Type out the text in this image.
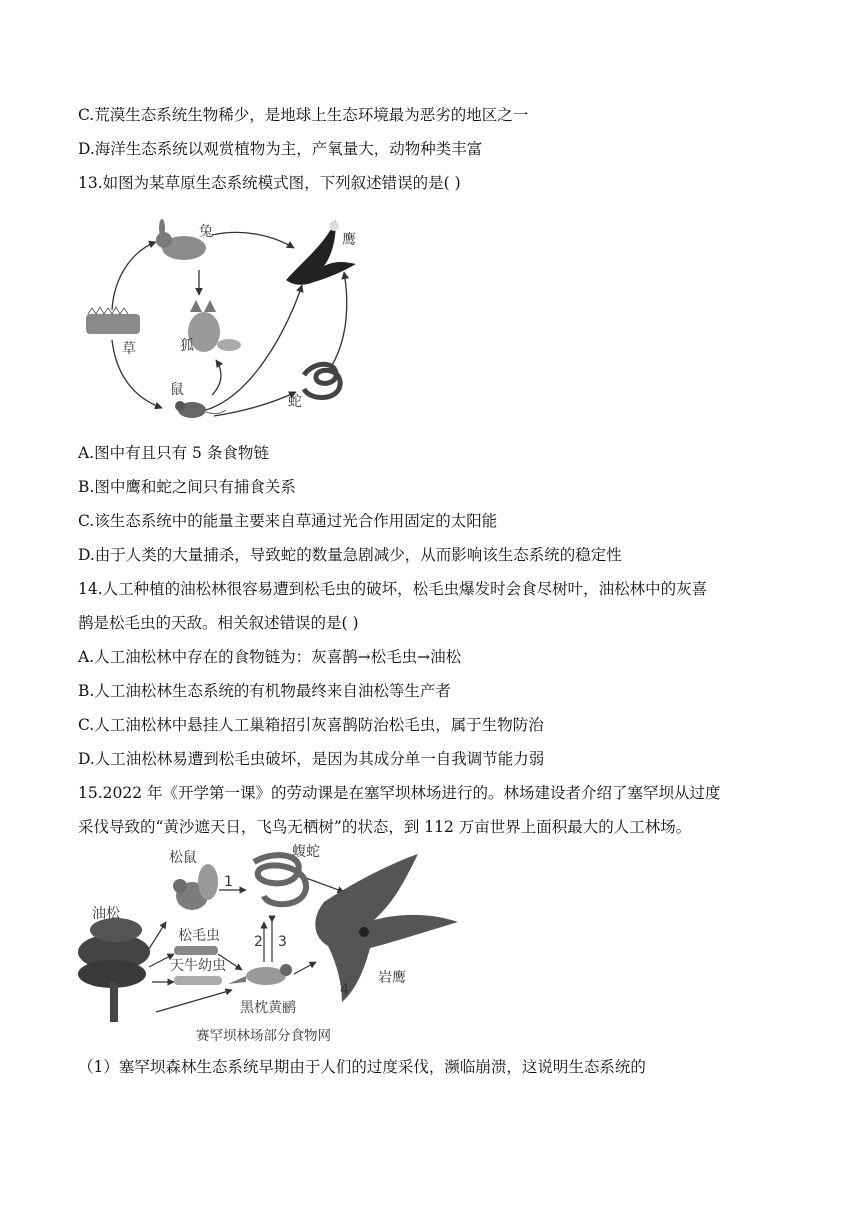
C.荒漠生态系统生物稀少，是地球上生态环境最为恶劣的地区之一
D.海洋生态系统以观赏植物为主，产氧量大，动物种类丰富
13.如图为某草原生态系统模式图，下列叙述错误的是( )
兔	鹰
草	狐
鼠
蛇
A.图中有且只有 5 条食物链
B.图中鹰和蛇之间只有捕食关系
C.该生态系统中的能量主要来自草通过光合作用固定的太阳能
D.由于人类的大量捕杀，导致蛇的数量急剧减少，从而影响该生态系统的稳定性
14.人工种植的油松林很容易遭到松毛虫的破坏，松毛虫爆发时会食尽树叶，油松林中的灰喜
鹊是松毛虫的天敌。相关叙述错误的是( )
A.人工油松林中存在的食物链为：灰喜鹊→松毛虫→油松
B.人工油松林生态系统的有机物最终来自油松等生产者
C.人工油松林中悬挂人工巢箱招引灰喜鹊防治松毛虫，属于生物防治
D.人工油松林易遭到松毛虫破坏，是因为其成分单一自我调节能力弱
15.2022 年《开学第一课》的劳动课是在塞罕坝林场进行的。林场建设者介绍了塞罕坝从过度
采伐导致的“黄沙遮天日，飞鸟无栖树”的状态，到 112 万亩世界上面积最大的人工林场。
松鼠	蝮蛇
油松
松毛虫
天牛幼虫
黑枕黄鹂
岩鹰
1
2 3
4
赛罕坝林场部分食物网
（1）塞罕坝森林生态系统早期由于人们的过度采伐，濒临崩溃，这说明生态系统的
